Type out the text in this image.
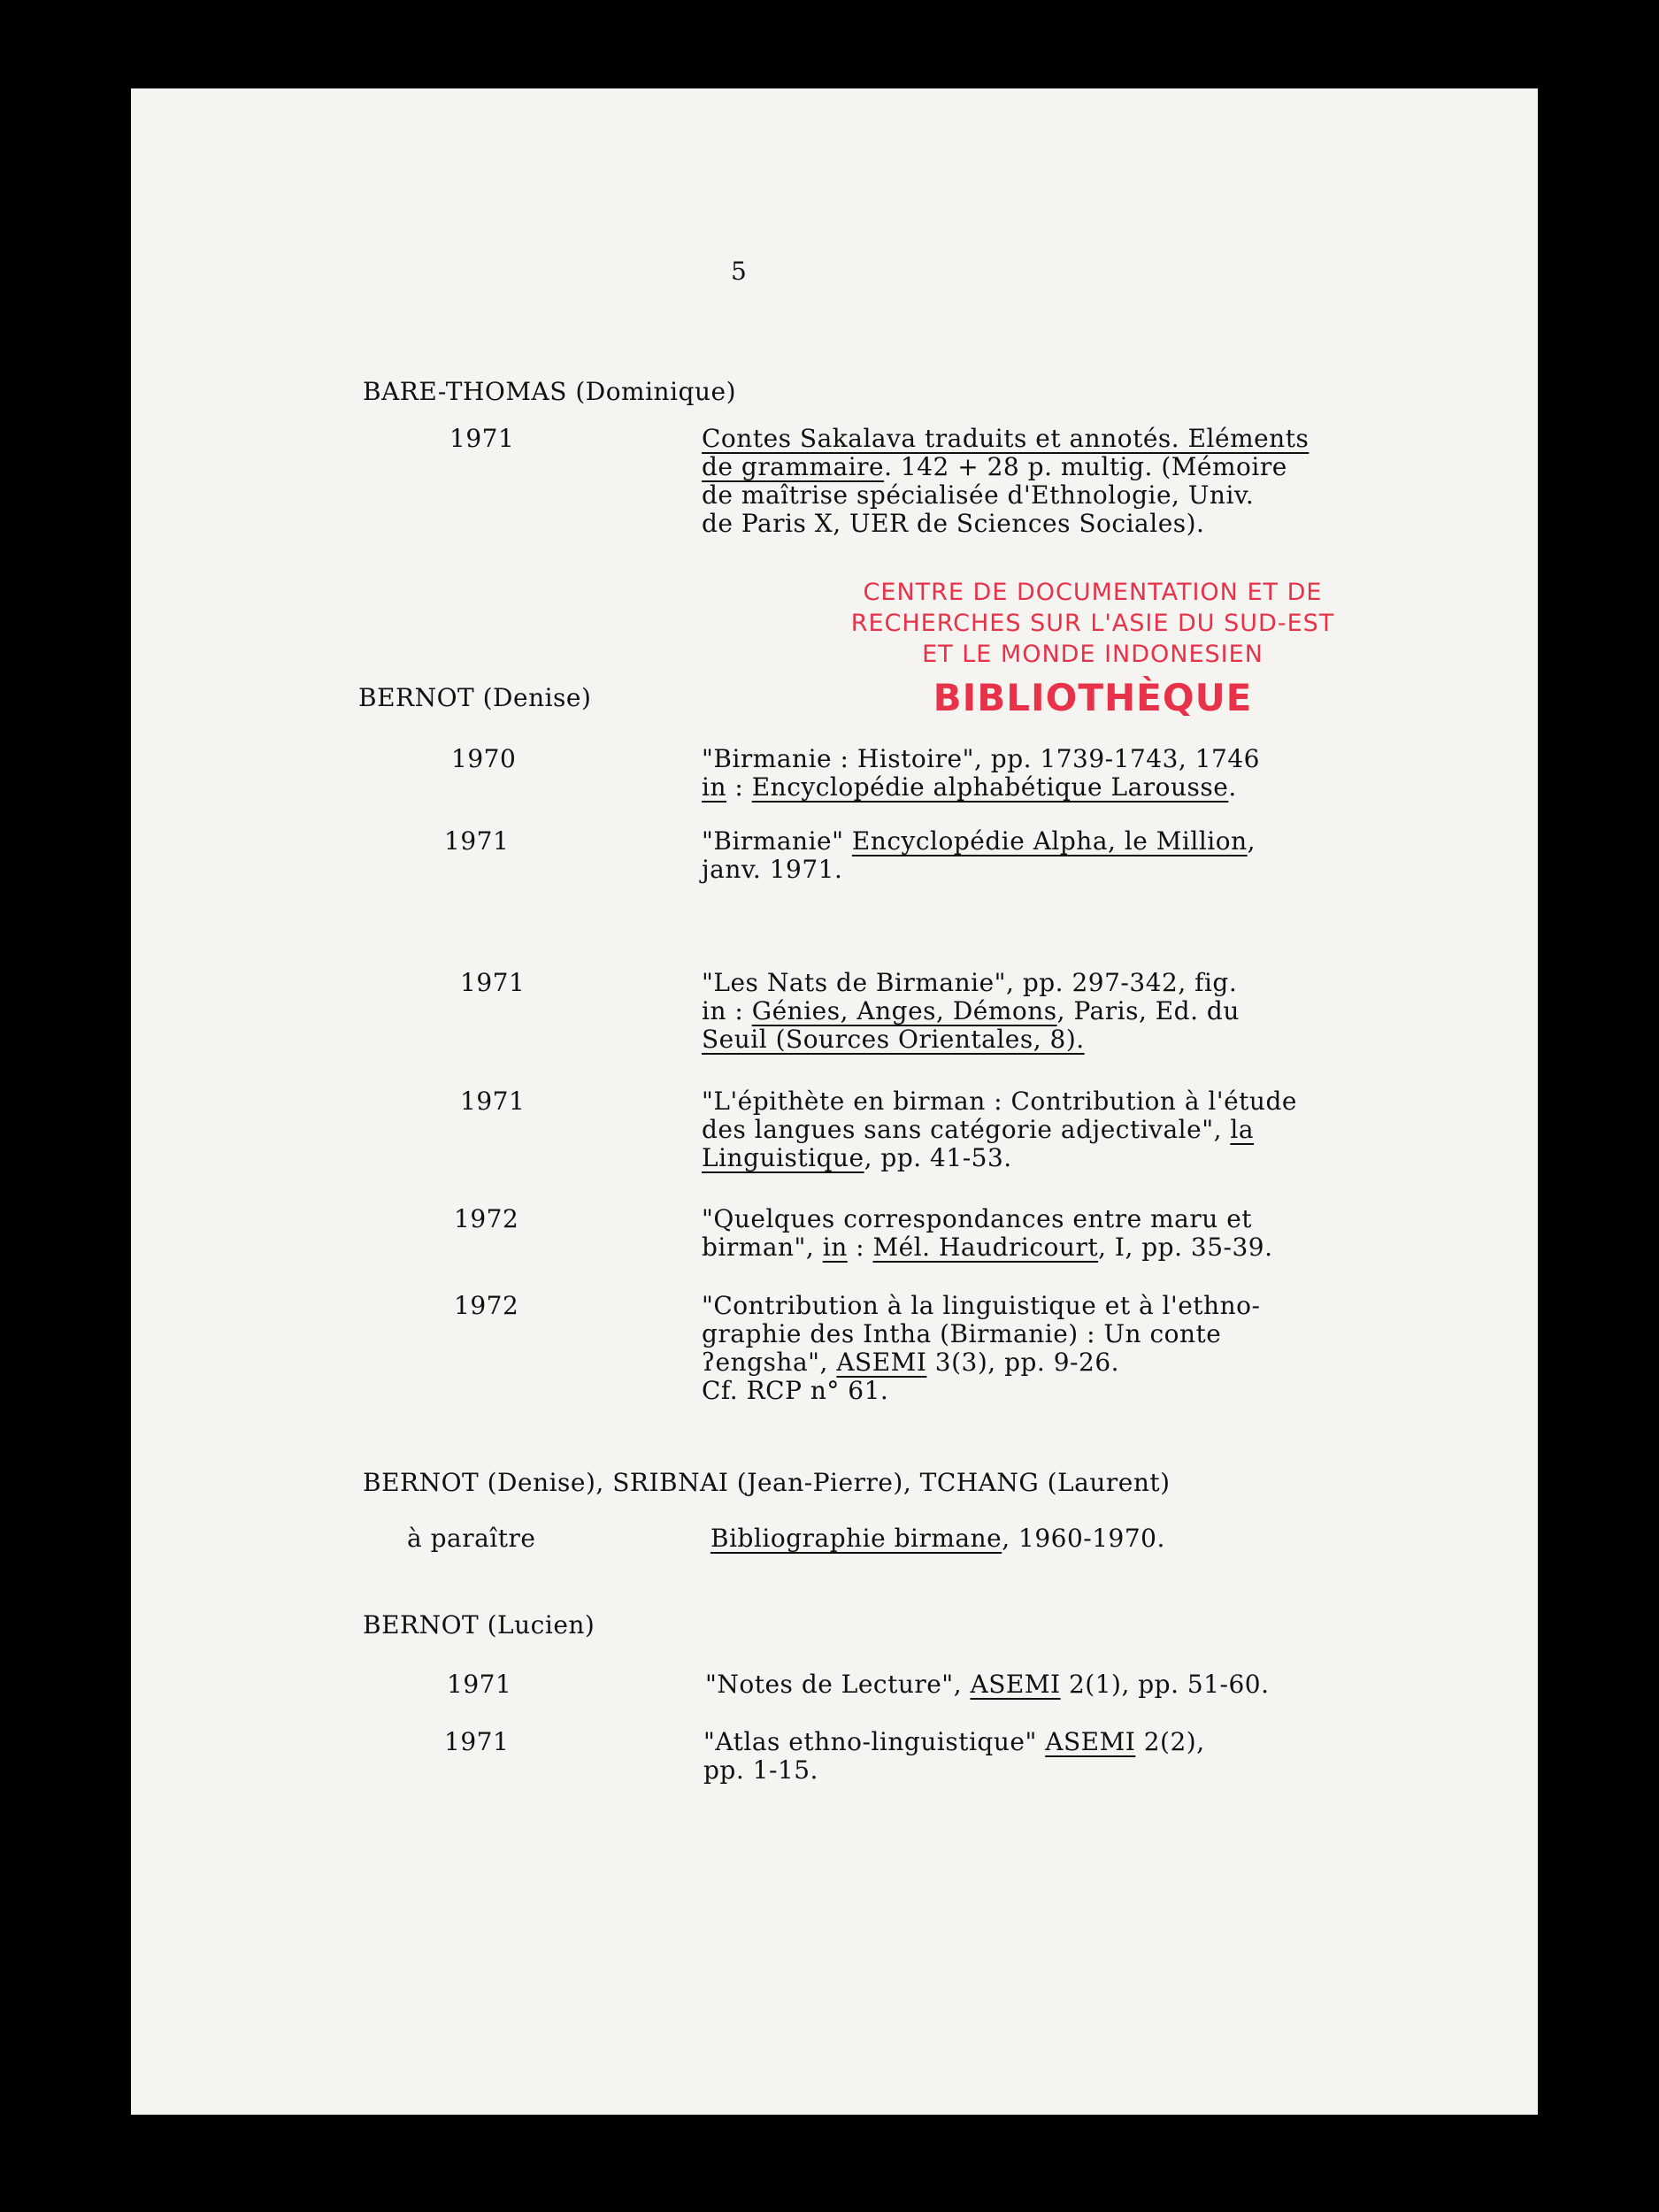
5
CENTRE DE DOCUMENTATION ET DE
RECHERCHES SUR L'ASIE DU SUD-EST
ET LE MONDE INDONESIEN
BIBLIOTHÈQUE
BARE-THOMAS (Dominique)
1971	Contes Sakalava traduits et annotés. Eléments
de grammaire. 142 + 28 p. multig. (Mémoire
de maîtrise spécialisée d'Ethnologie, Univ.
de Paris X, UER de Sciences Sociales).
BERNOT (Denise)
1970	"Birmanie : Histoire", pp. 1739-1743, 1746
in : Encyclopédie alphabétique Larousse.
1971	"Birmanie" Encyclopédie Alpha, le Million,
janv. 1971.
1971	"Les Nats de Birmanie", pp. 297-342, fig.
in : Génies, Anges, Démons, Paris, Ed. du
Seuil (Sources Orientales, 8).
1971	"L'épithète en birman : Contribution à l'étude
des langues sans catégorie adjectivale", la
Linguistique, pp. 41-53.
1972	"Quelques correspondances entre maru et
birman", in : Mél. Haudricourt, I, pp. 35-39.
1972	"Contribution à la linguistique et à l'ethno-
graphie des Intha (Birmanie) : Un conte
ʔengsha", ASEMI 3(3), pp. 9-26.
Cf. RCP n° 61.
BERNOT (Denise), SRIBNAI (Jean-Pierre), TCHANG (Laurent)
à paraître	Bibliographie birmane, 1960-1970.
BERNOT (Lucien)
1971	"Notes de Lecture", ASEMI 2(1), pp. 51-60.
1971	"Atlas ethno-linguistique" ASEMI 2(2),
pp. 1-15.
